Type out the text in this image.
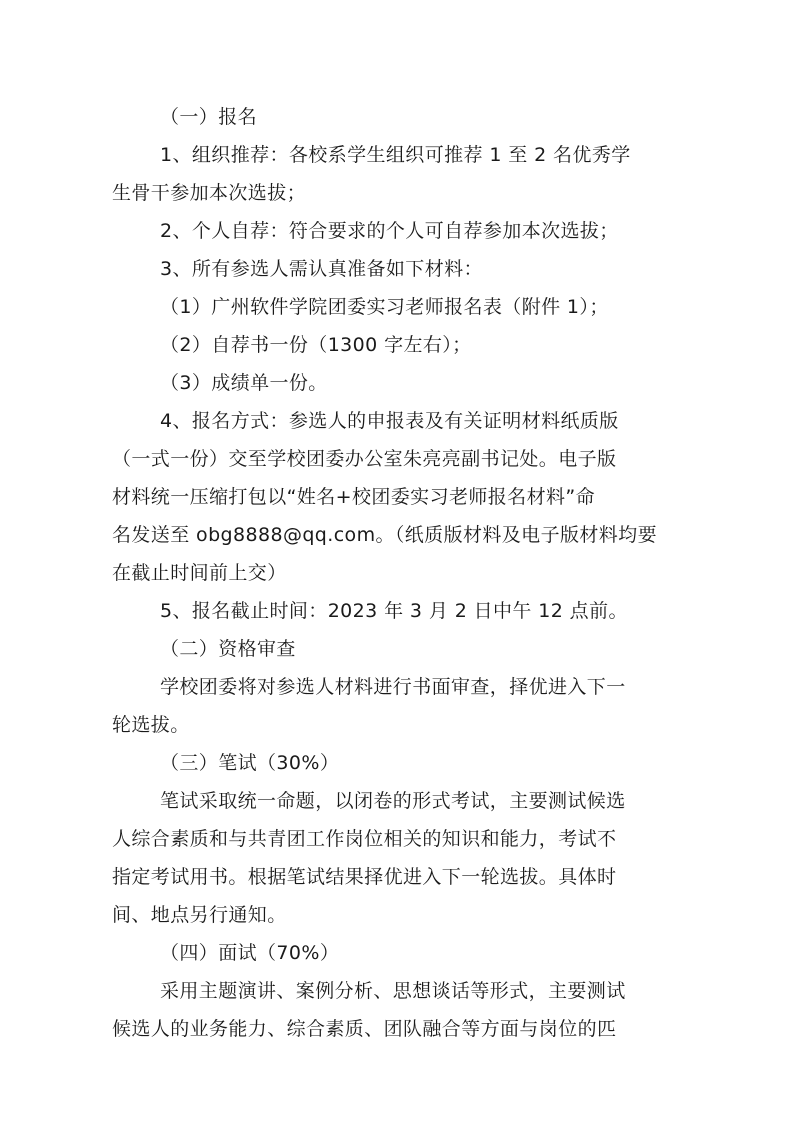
（一）报名
1、组织推荐：各校系学生组织可推荐 1 至 2 名优秀学
生骨干参加本次选拔；
2、个人自荐：符合要求的个人可自荐参加本次选拔；
3、所有参选人需认真准备如下材料：
（1）广州软件学院团委实习老师报名表（附件 1）；
（2）自荐书一份（1300 字左右）；
（3）成绩单一份。
4、报名方式：参选人的申报表及有关证明材料纸质版
（一式一份）交至学校团委办公室朱亮亮副书记处。电子版
材料统一压缩打包以“姓名+校团委实习老师报名材料”命
名发送至 obg8888@qq.com。（纸质版材料及电子版材料均要
在截止时间前上交）
5、报名截止时间：2023 年 3 月 2 日中午 12 点前。
（二）资格审查
学校团委将对参选人材料进行书面审查，择优进入下一
轮选拔。
（三）笔试（30%）
笔试采取统一命题，以闭卷的形式考试，主要测试候选
人综合素质和与共青团工作岗位相关的知识和能力，考试不
指定考试用书。根据笔试结果择优进入下一轮选拔。具体时
间、地点另行通知。
（四）面试（70%）
采用主题演讲、案例分析、思想谈话等形式，主要测试
候选人的业务能力、综合素质、团队融合等方面与岗位的匹
